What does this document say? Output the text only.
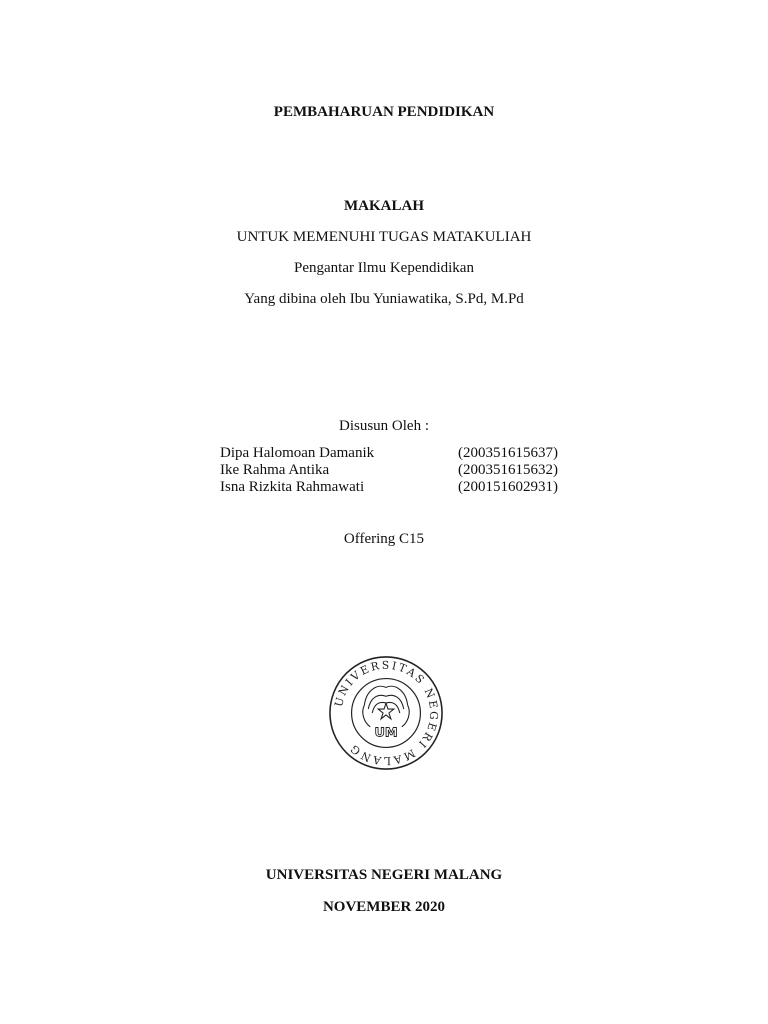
PEMBAHARUAN PENDIDIKAN
MAKALAH
UNTUK MEMENUHI TUGAS MATAKULIAH
Pengantar Ilmu Kependidikan
Yang dibina oleh Ibu Yuniawatika, S.Pd, M.Pd
Disusun Oleh :
Dipa Halomoan Damanik	(200351615637)
Ike Rahma Antika	(200351615632)
Isna Rizkita Rahmawati	(200151602931)
Offering C15
UNIVERSITAS NEGERI MALANG
UM
UNIVERSITAS NEGERI MALANG
NOVEMBER 2020
